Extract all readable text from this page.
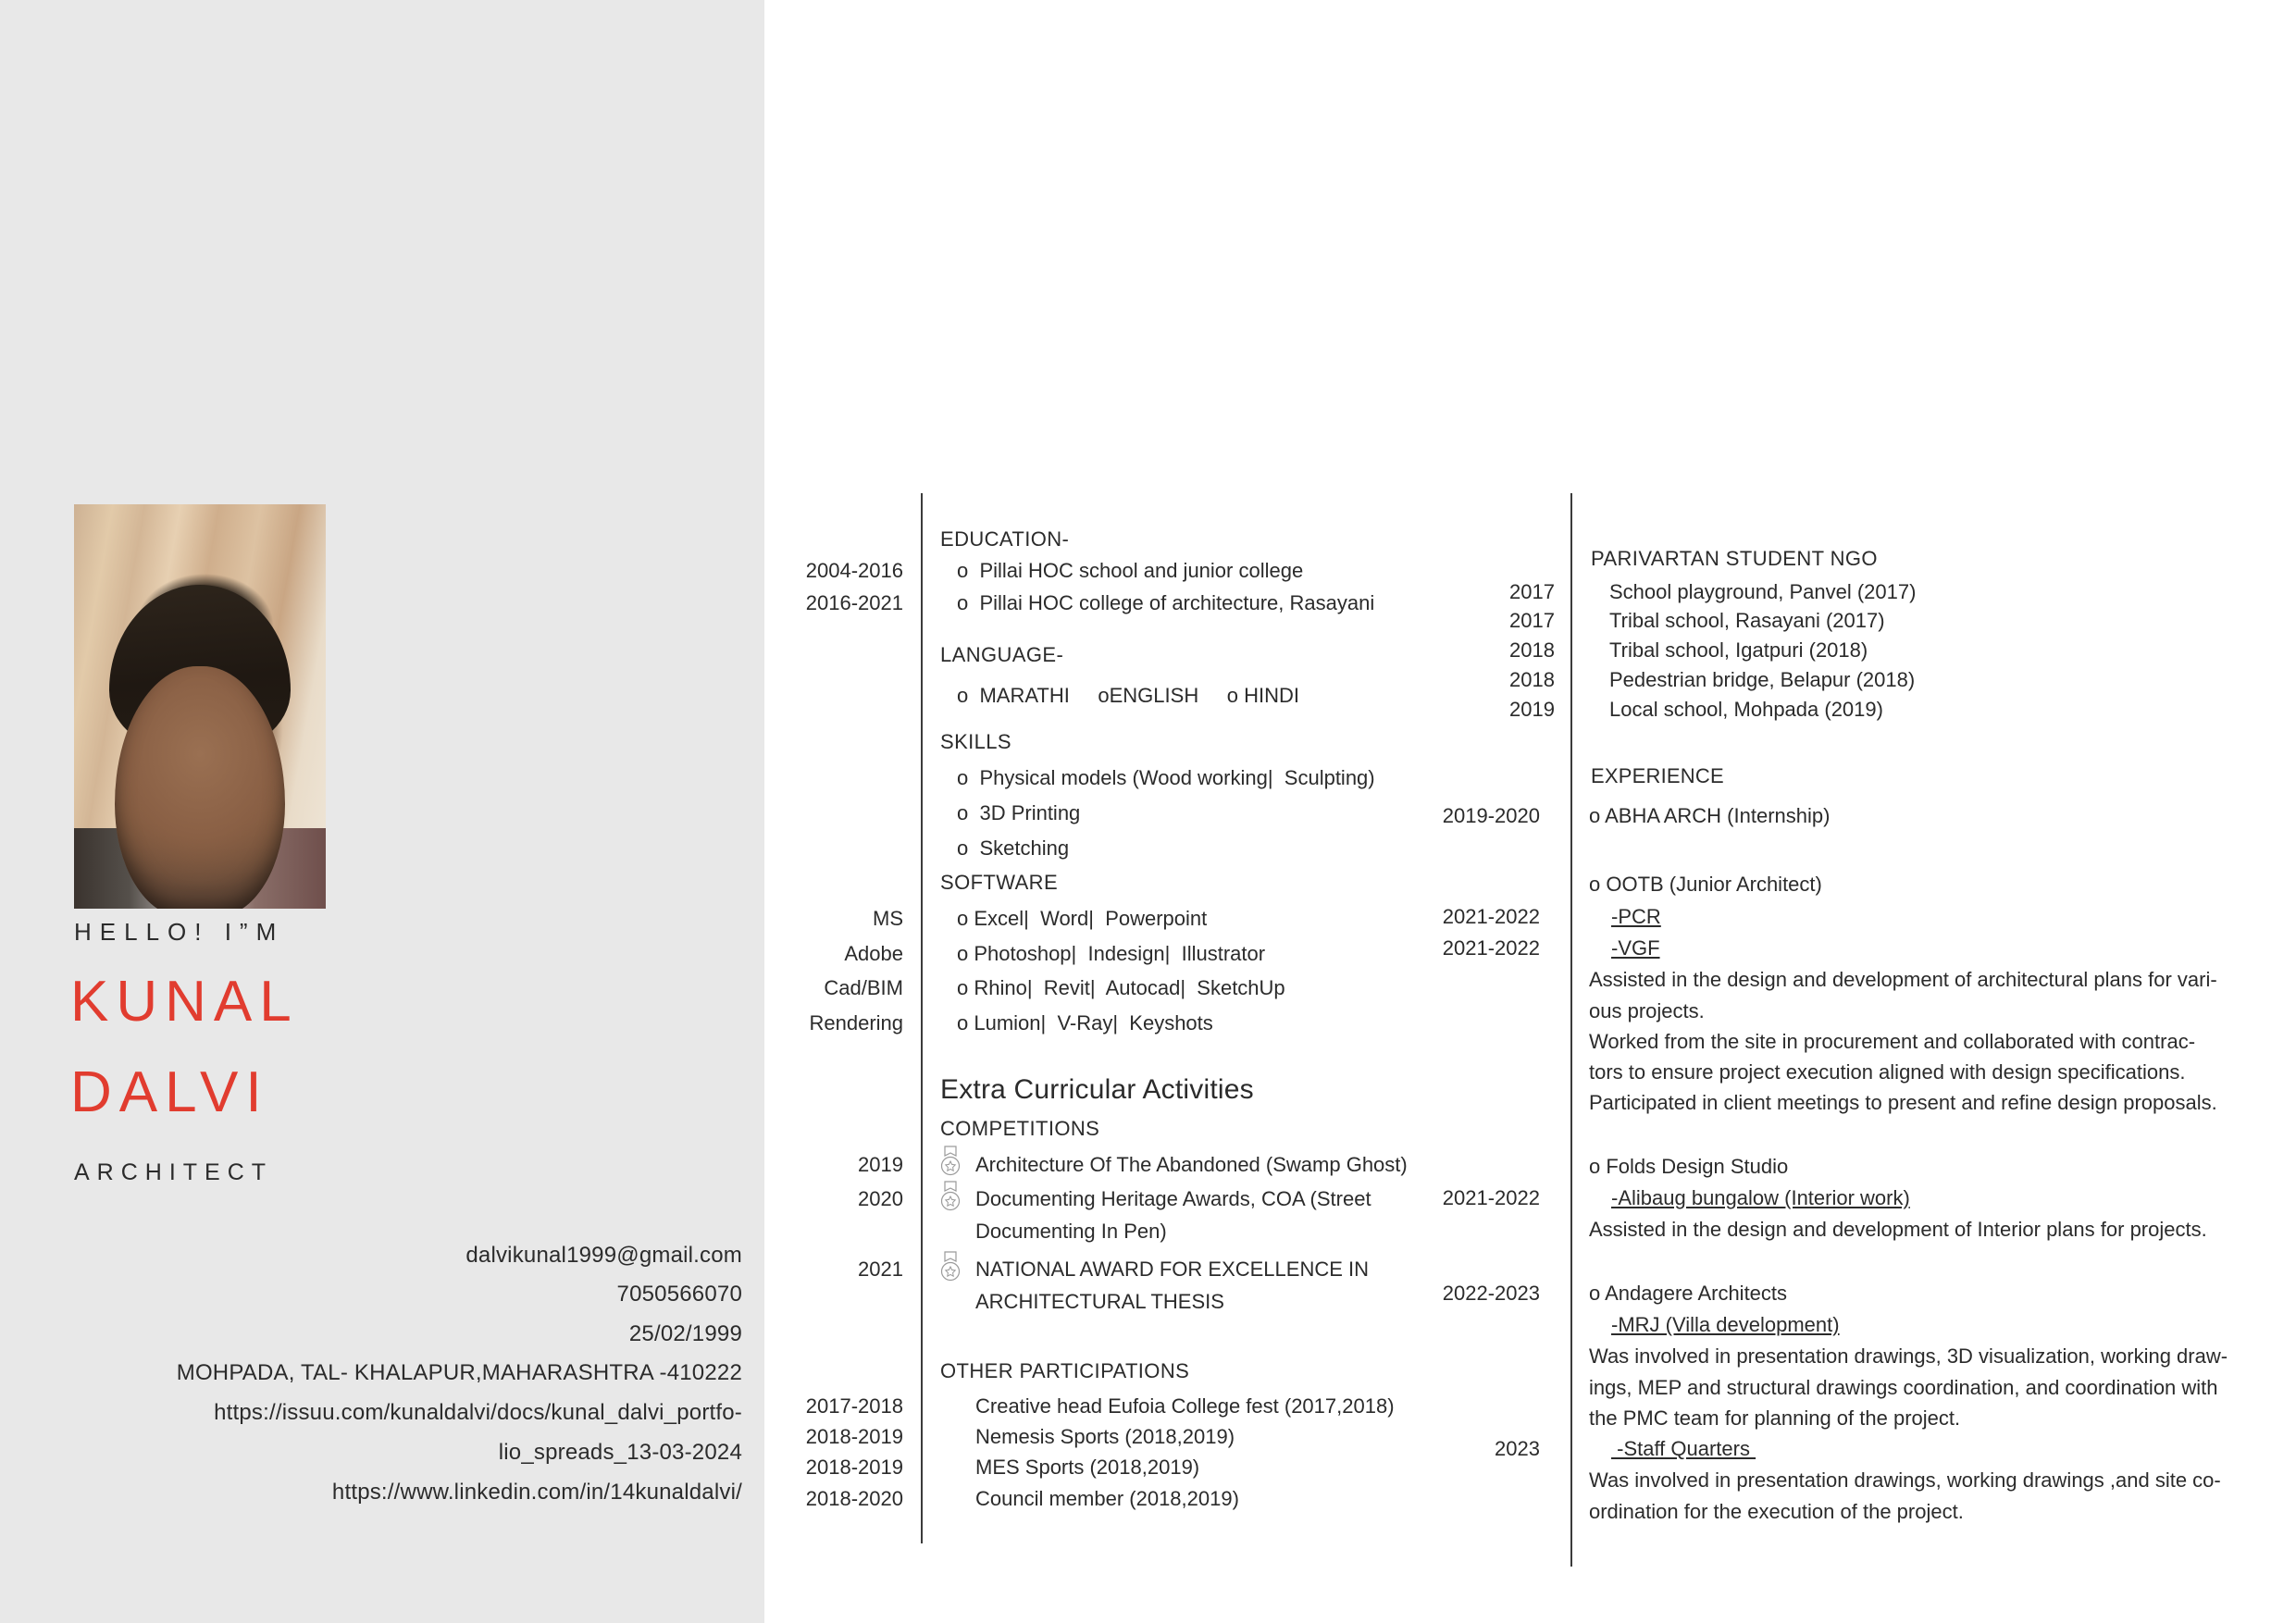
HELLO! I”M
KUNAL
DALVI
ARCHITECT
dalvikunal1999@gmail.com
7050566070
25/02/1999
MOHPADA, TAL- KHALAPUR,MAHARASHTRA -410222
https://issuu.com/kunaldalvi/docs/kunal_dalvi_portfo-
lio_spreads_13-03-2024
https://www.linkedin.com/in/14kunaldalvi/
EDUCATION-
2004-2016	o  Pillai HOC school and junior college
2016-2021	o  Pillai HOC college of architecture, Rasayani
LANGUAGE-
o  MARATHI     oENGLISH     o HINDI
SKILLS
o  Physical models (Wood working|  Sculpting)
o  3D Printing
o  Sketching
SOFTWARE
MS	o Excel|  Word|  Powerpoint
Adobe	o Photoshop|  Indesign|  Illustrator
Cad/BIM	o Rhino|  Revit|  Autocad|  SketchUp
Rendering	o Lumion|  V-Ray|  Keyshots
Extra Curricular Activities
COMPETITIONS
2019	Architecture Of The Abandoned (Swamp Ghost)
2020	Documenting Heritage Awards, COA (Street
Documenting In Pen)
2021	NATIONAL AWARD FOR EXCELLENCE IN
ARCHITECTURAL THESIS
OTHER PARTICIPATIONS
2017-2018	Creative head Eufoia College fest (2017,2018)
2018-2019	Nemesis Sports (2018,2019)
2018-2019	MES Sports (2018,2019)
2018-2020	Council member (2018,2019)
PARIVARTAN STUDENT NGO
2017	School playground, Panvel (2017)
2017	Tribal school, Rasayani (2017)
2018	Tribal school, Igatpuri (2018)
2018	Pedestrian bridge, Belapur (2018)
2019	Local school, Mohpada (2019)
EXPERIENCE
2019-2020 o ABHA ARCH (Internship)
o OOTB (Junior Architect)
2021-2022	-PCR
2021-2022	-VGF
Assisted in the design and development of architectural plans for vari-
ous projects.
Worked from the site in procurement and collaborated with contrac-
tors to ensure project execution aligned with design specifications.
Participated in client meetings to present and refine design proposals.
o Folds Design Studio
2021-2022	-Alibaug bungalow (Interior work)
Assisted in the design and development of Interior plans for projects.
2022-2023 o Andagere Architects
-MRJ (Villa development)
Was involved in presentation drawings, 3D visualization, working draw-
ings, MEP and structural drawings coordination, and coordination with
the PMC team for planning of the project.
2023	-Staff Quarters
Was involved in presentation drawings, working drawings ,and site co-
ordination for the execution of the project.
